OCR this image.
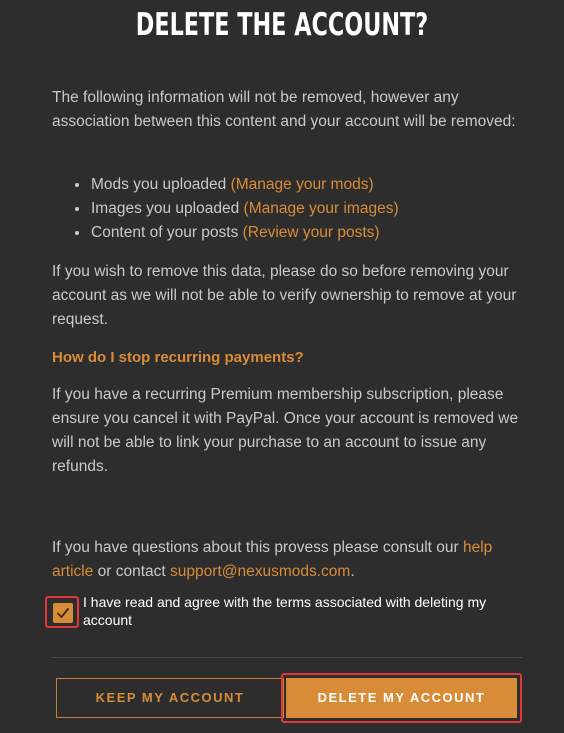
DELETE THE ACCOUNT?
The following information will not be removed, however any association between this content and your account will be removed:
• Mods you uploaded (Manage your mods)
• Images you uploaded (Manage your images)
• Content of your posts (Review your posts)
If you wish to remove this data, please do so before removing your account as we will not be able to verify ownership to remove at your request.
How do I stop recurring payments?
If you have a recurring Premium membership subscription, please ensure you cancel it with PayPal. Once your account is removed we will not be able to link your purchase to an account to issue any refunds.
If you have questions about this provess please consult our help article or contact support@nexusmods.com.
I have read and agree with the terms associated with deleting my account
KEEP MY ACCOUNT	DELETE MY ACCOUNT
